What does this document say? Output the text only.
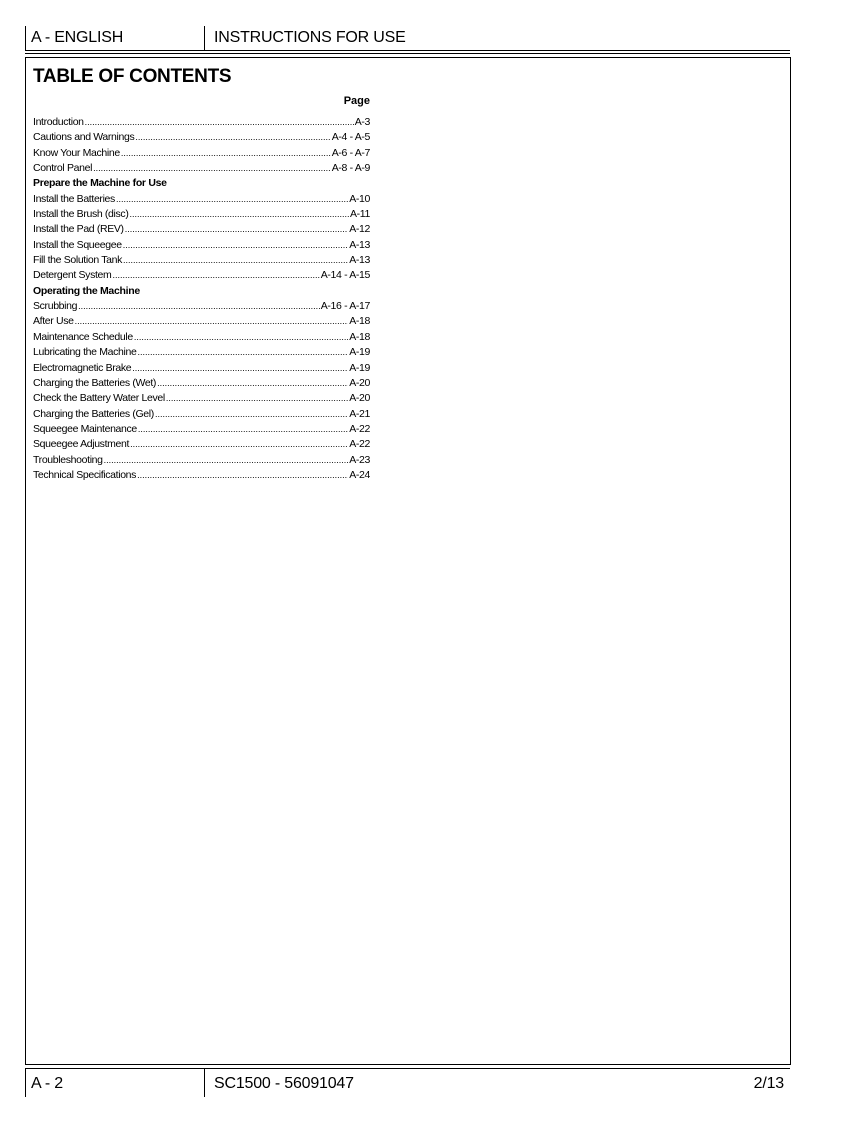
A - ENGLISH	INSTRUCTIONS FOR USE
TABLE OF CONTENTS
Page
Introduction .....	A-3
Cautions and Warnings .....	A-4 - A-5
Know Your Machine .....	A-6 - A-7
Control Panel .....	A-8 - A-9
Prepare the Machine for Use
Install the Batteries .....	A-10
Install the Brush (disc) .....	A-11
Install the Pad (REV) .....	A-12
Install the Squeegee .....	A-13
Fill the Solution Tank .....	A-13
Detergent System .....	A-14 - A-15
Operating the Machine
Scrubbing .....	A-16 - A-17
After Use .....	A-18
Maintenance Schedule .....	A-18
Lubricating the Machine .....	A-19
Electromagnetic Brake .....	A-19
Charging the Batteries (Wet) .....	A-20
Check the Battery Water Level .....	A-20
Charging the Batteries (Gel) .....	A-21
Squeegee Maintenance .....	A-22
Squeegee Adjustment .....	A-22
Troubleshooting .....	A-23
Technical Specifications .....	A-24
A - 2	SC1500 - 56091047	2/13
